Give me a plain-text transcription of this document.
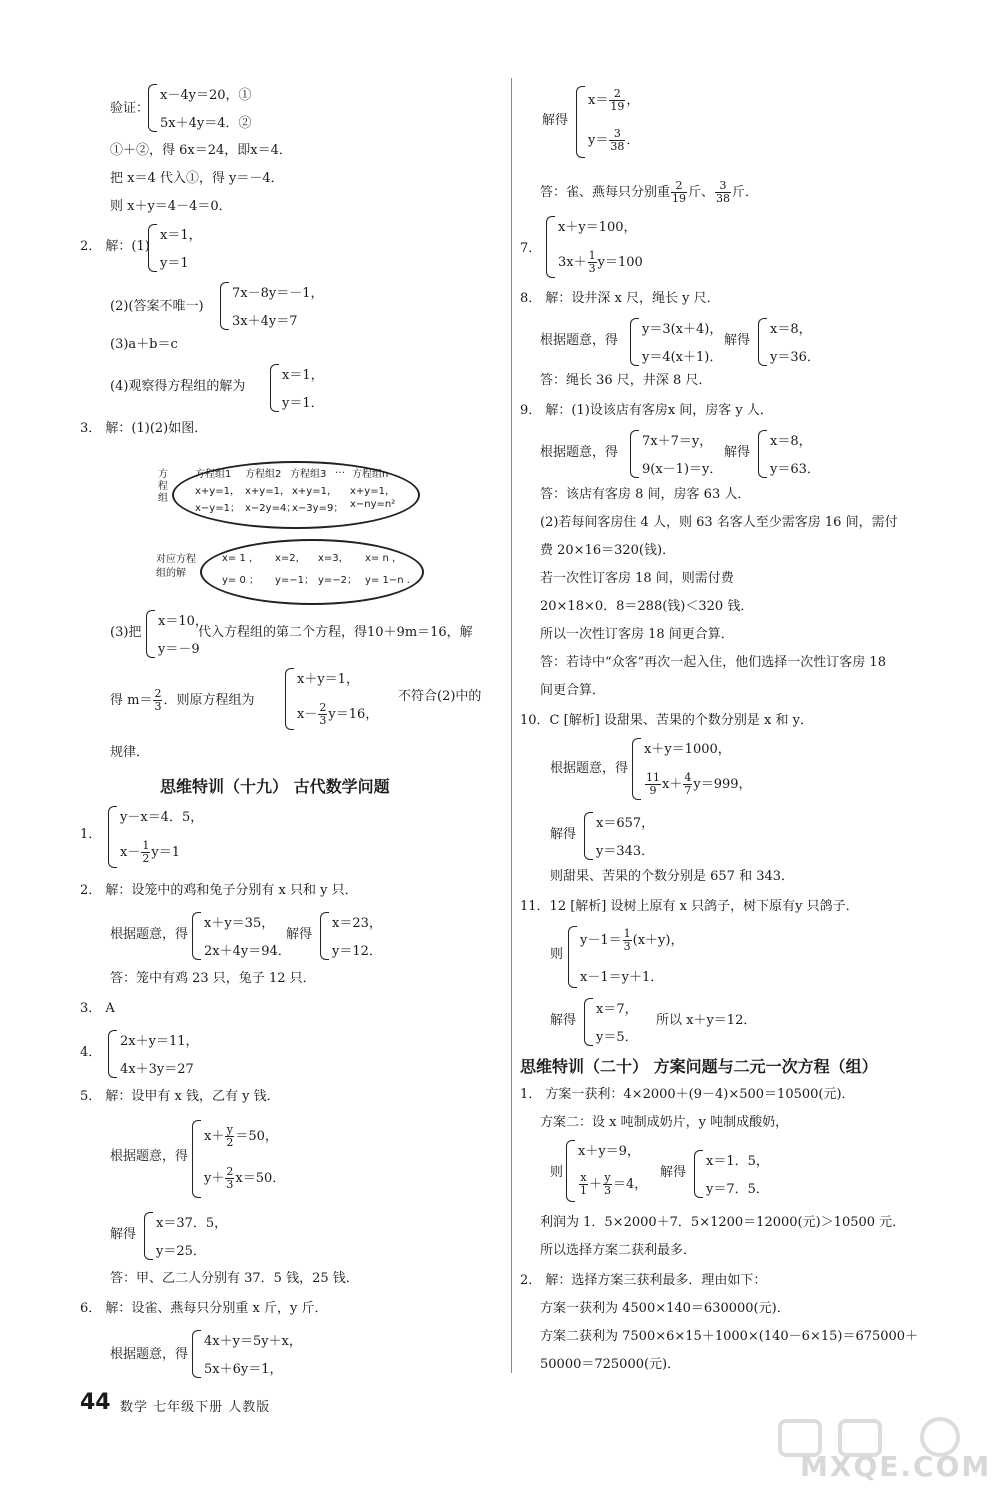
验证：
x－4y＝20，①
5x＋4y＝4．②
①＋②，得 6x＝24，即x＝4．
把 x＝4 代入①，得 y＝－4．
则 x＋y＝4－4＝0．
2． 解：(1)
x＝1，
y＝1
(2)(答案不唯一)
7x－8y＝－1，
3x＋4y＝7
(3)a＋b＝c
(4)观察得方程组的解为
x＝1，
y＝1．
3． 解：(1)(2)如图．
(3)把
x＝10，
y＝－9
代入方程组的第二个方程，得10＋9m＝16，解
得 $m= \frac{2}{3}$ ．则原方程组为
x＋y＝1，
$x- \frac{2}{3} y=16$，
不符合(2)中的
规律．
思维特训（十九） 古代数学问题
1．
y－x＝4．5，
$x- \frac{1}{2} y=1$
2． 解：设笼中的鸡和兔子分别有 x 只和 y 只．
根据题意，得
x＋y＝35，
2x＋4y＝94．
解得
x＝23，
y＝12．
答：笼中有鸡 23 只，兔子 12 只．
3． A
4．
2x＋y＝11，
4x＋3y＝27
5． 解：设甲有 x 钱，乙有 y 钱．
根据题意，得
$x+ \frac{y}{2} =50$，
$y+ \frac{2}{3} x=50$．
解得
x＝37．5，
y＝25．
答：甲、乙二人分别有 37．5 钱，25 钱．
6． 解：设雀、燕每只分别重 x 斤，y 斤．
根据题意，得
4x＋y＝5y＋x，
5x＋6y＝1，
方程组
方程组1 方程组2 方程组3 … 方程组n
x+y=1，
x−y=1；
x+y=1，
x−2y=4；
x+y=1，
x−3y=9；
x+y=1，
x−ny=n²
对应方程
组的解
x= 1 ，
y= 0 ；
x=2，
y=−1；
x=3，
y=−2；
x= n ，
y= 1−n ．
解得
$x= \frac{2}{19}$ ，
$y= \frac{3}{38}$ ．
答：雀、燕每只分别重 $\frac{2}{19}$ 斤、 $\frac{3}{38}$ 斤．
7．
x＋y＝100，
$3x+ \frac{1}{3} y=100$
8． 解：设井深 x 尺，绳长 y 尺．
根据题意，得
y＝3(x＋4)，
y＝4(x＋1)．
解得
x＝8，
y＝36．
答：绳长 36 尺，井深 8 尺．
9． 解：(1)设该店有客房x 间，房客 y 人．
根据题意，得
7x＋7＝y，
9(x－1)＝y．
解得
x＝8，
y＝63．
答：该店有客房 8 间，房客 63 人．
(2)若每间客房住 4 人，则 63 名客人至少需客房 16 间，需付
费 20×16＝320(钱)．
若一次性订客房 18 间，则需付费
20×18×0．8＝288(钱)＜320 钱．
所以一次性订客房 18 间更合算．
答：若诗中“众客”再次一起入住，他们选择一次性订客房 18
间更合算．
10．C [解析] 设甜果、苦果的个数分别是 x 和 y．
根据题意，得
x＋y＝1000，
$\frac{11}{9} x+ \frac{4}{7} y=999$，
解得
x＝657，
y＝343．
则甜果、苦果的个数分别是 657 和 343．
11．12 [解析] 设树上原有 x 只鸽子，树下原有y 只鸽子．
则
$y-1= \frac{1}{3} (x+y)$，
x－1＝y＋1．
解得
x＝7，
y＝5．
所以 x＋y＝12．
思维特训（二十） 方案问题与二元一次方程（组）
1． 方案一获利：4×2000＋(9－4)×500＝10500(元)．
方案二：设 x 吨制成奶片，y 吨制成酸奶，
则
x＋y＝9，
$\frac{x}{1} + \frac{y}{3} =4$，
解得
x＝1．5，
y＝7．5．
利润为 1．5×2000＋7．5×1200＝12000(元)＞10500 元．
所以选择方案二获利最多．
2． 解：选择方案三获利最多．理由如下：
方案一获利为 4500×140＝630000(元)．
方案二获利为 7500×6×15＋1000×(140－6×15)＝675000＋
50000＝725000(元)．
44 数学 七年级下册 人教版
MXQE.COM
